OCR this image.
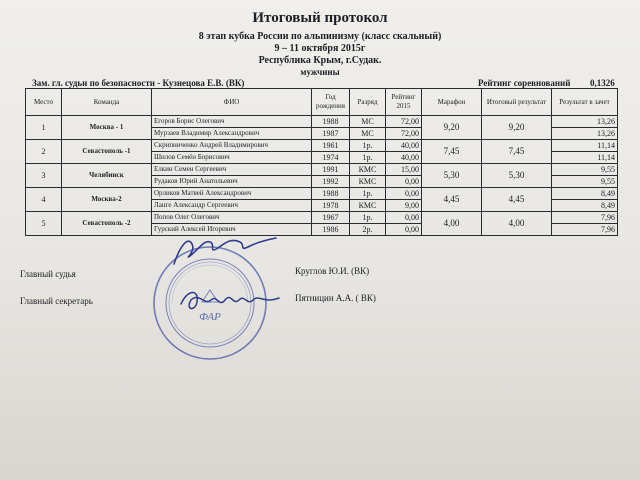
Итоговый протокол
8 этап кубка России по альпинизму (класс скальный)
9 – 11 октября 2015г
Республика Крым, г.Судак.
мужчины
Зам. гл. судьи по безопасности - Кузнецова Е.В. (ВК)	Рейтинг соревнований 0,1326
Место	Команда	ФИО	Год рождения	Разряд	Рейтинг 2015	Марафон	Итоговый результат	Результат в зачет
1	Москва - 1	Егоров Борис Олегович	1988	МС	72,00	9,20	9,20	13,26
		Мурзаев Владимир Александрович	1987	МС	72,00			13,26
2	Севастополь -1	Скрипниченко Андрей Владимирович	1961	1р.	40,00	7,45	7,45	11,14
		Шилов Семён Борисович	1974	1р.	40,00			11,14
3	Челябинск	Елкин Семен Сергеевич	1991	КМС	15,00	5,30	5,30	9,55
		Рудаков Юрий Анатольевич	1992	КМС	0,00			9,55
4	Москва-2	Орликов Матвей Александрович	1988	1р.	0,00	4,45	4,45	8,49
		Ланге Александр Сергеевич	1978	КМС	9,00			8,49
5	Севастополь -2	Попов Олег Олегович	1967	1р.	0,00	4,00	4,00	7,96
		Гурский Алексей Игоревич	1986	2р.	0,00			7,96
Главный судья	Круглов Ю.И. (ВК)
Главный секретарь	Пятницин А.А. ( ВК)
ФАР
